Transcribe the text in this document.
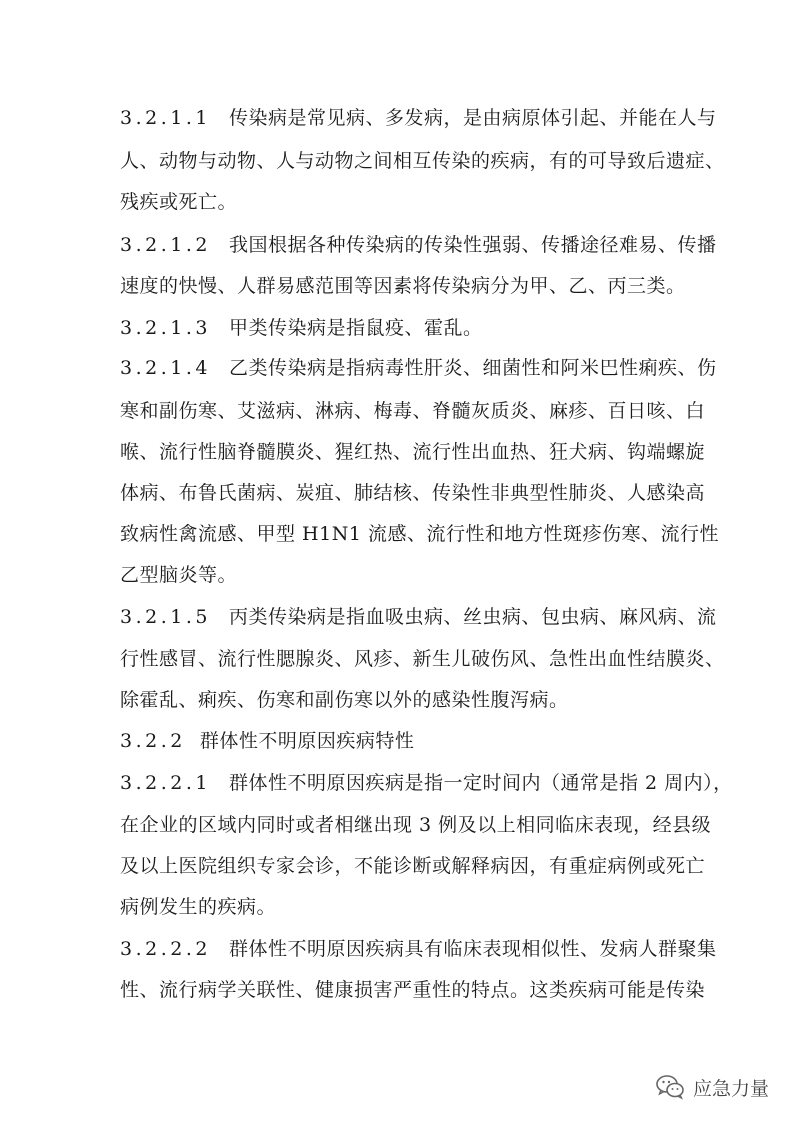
3.2.1.1 传染病是常见病、多发病，是由病原体引起、并能在人与
人、动物与动物、人与动物之间相互传染的疾病，有的可导致后遗症、
残疾或死亡。
3.2.1.2 我国根据各种传染病的传染性强弱、传播途径难易、传播
速度的快慢、人群易感范围等因素将传染病分为甲、乙、丙三类。
3.2.1.3 甲类传染病是指鼠疫、霍乱。
3.2.1.4 乙类传染病是指病毒性肝炎、细菌性和阿米巴性痢疾、伤
寒和副伤寒、艾滋病、淋病、梅毒、脊髓灰质炎、麻疹、百日咳、白
喉、流行性脑脊髓膜炎、猩红热、流行性出血热、狂犬病、钩端螺旋
体病、布鲁氏菌病、炭疽、肺结核、传染性非典型性肺炎、人感染高
致病性禽流感、甲型 H1N1 流感、流行性和地方性斑疹伤寒、流行性
乙型脑炎等。
3.2.1.5 丙类传染病是指血吸虫病、丝虫病、包虫病、麻风病、流
行性感冒、流行性腮腺炎、风疹、新生儿破伤风、急性出血性结膜炎、
除霍乱、痢疾、伤寒和副伤寒以外的感染性腹泻病。
3.2.2 群体性不明原因疾病特性
3.2.2.1 群体性不明原因疾病是指一定时间内（通常是指 2 周内），
在企业的区域内同时或者相继出现 3 例及以上相同临床表现，经县级
及以上医院组织专家会诊，不能诊断或解释病因，有重症病例或死亡
病例发生的疾病。
3.2.2.2 群体性不明原因疾病具有临床表现相似性、发病人群聚集
性、流行病学关联性、健康损害严重性的特点。这类疾病可能是传染
应急力量
